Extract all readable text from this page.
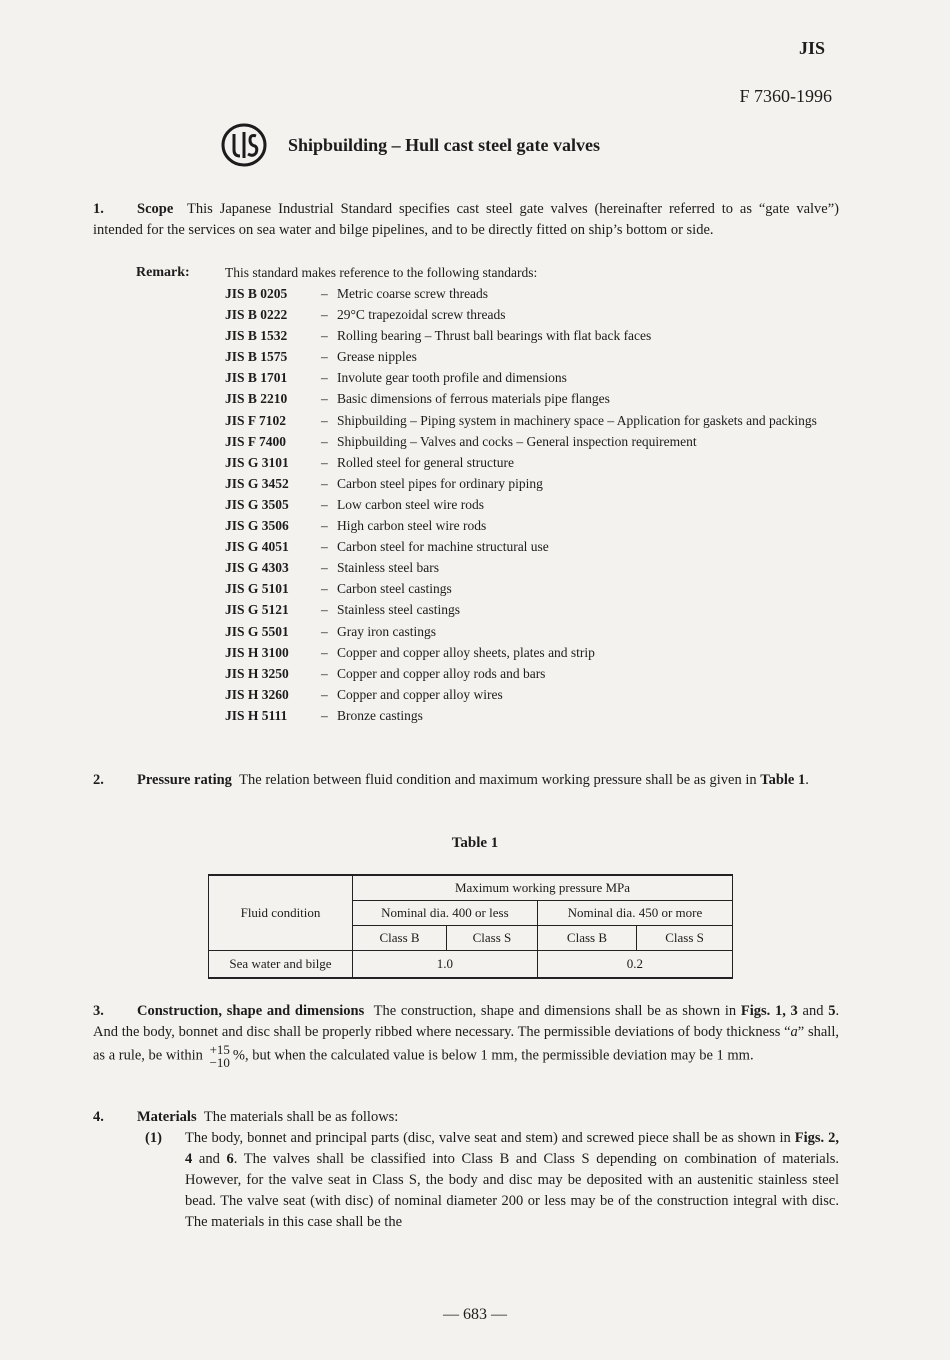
JIS
F 7360-1996
Shipbuilding – Hull cast steel gate valves
1. Scope This Japanese Industrial Standard specifies cast steel gate valves (hereinafter referred to as “gate valve”) intended for the services on sea water and bilge pipelines, and to be directly fitted on ship’s bottom or side.
Remark:	This standard makes reference to the following standards:
JIS B 0205	– Metric coarse screw threads
JIS B 0222	– 29°C trapezoidal screw threads
JIS B 1532	– Rolling bearing – Thrust ball bearings with flat back faces
JIS B 1575	– Grease nipples
JIS B 1701	– Involute gear tooth profile and dimensions
JIS B 2210	– Basic dimensions of ferrous materials pipe flanges
JIS F 7102	– Shipbuilding – Piping system in machinery space – Application for gaskets and packings
JIS F 7400	– Shipbuilding – Valves and cocks – General inspection requirement
JIS G 3101	– Rolled steel for general structure
JIS G 3452	– Carbon steel pipes for ordinary piping
JIS G 3505	– Low carbon steel wire rods
JIS G 3506	– High carbon steel wire rods
JIS G 4051	– Carbon steel for machine structural use
JIS G 4303	– Stainless steel bars
JIS G 5101	– Carbon steel castings
JIS G 5121	– Stainless steel castings
JIS G 5501	– Gray iron castings
JIS H 3100	– Copper and copper alloy sheets, plates and strip
JIS H 3250	– Copper and copper alloy rods and bars
JIS H 3260	– Copper and copper alloy wires
JIS H 5111	– Bronze castings
2. Pressure rating The relation between fluid condition and maximum working pressure shall be as given in Table 1.
Table 1
Fluid condition	Maximum working pressure MPa			
	Nominal dia. 400 or less		Nominal dia. 450 or more	
	Class B	Class S	Class B	Class S
Sea water and bilge	1.0		0.2	
3. Construction, shape and dimensions The construction, shape and dimensions shall be as shown in Figs. 1, 3 and 5. And the body, bonnet and disc shall be properly ribbed where necessary. The permissible deviations of body thickness “a” shall, as a rule, be within +15
−10 %, but when the calculated value is below 1 mm, the permissible deviation may be 1 mm.
4. Materials The materials shall be as follows:
(1)	The body, bonnet and principal parts (disc, valve seat and stem) and screwed piece shall be as shown in Figs. 2, 4 and 6. The valves shall be classified into Class B and Class S depending on combination of materials. However, for the valve seat in Class S, the body and disc may be deposited with an austenitic stainless steel bead. The valve seat (with disc) of nominal diameter 200 or less may be of the construction integral with disc. The materials in this case shall be the
— 683 —
